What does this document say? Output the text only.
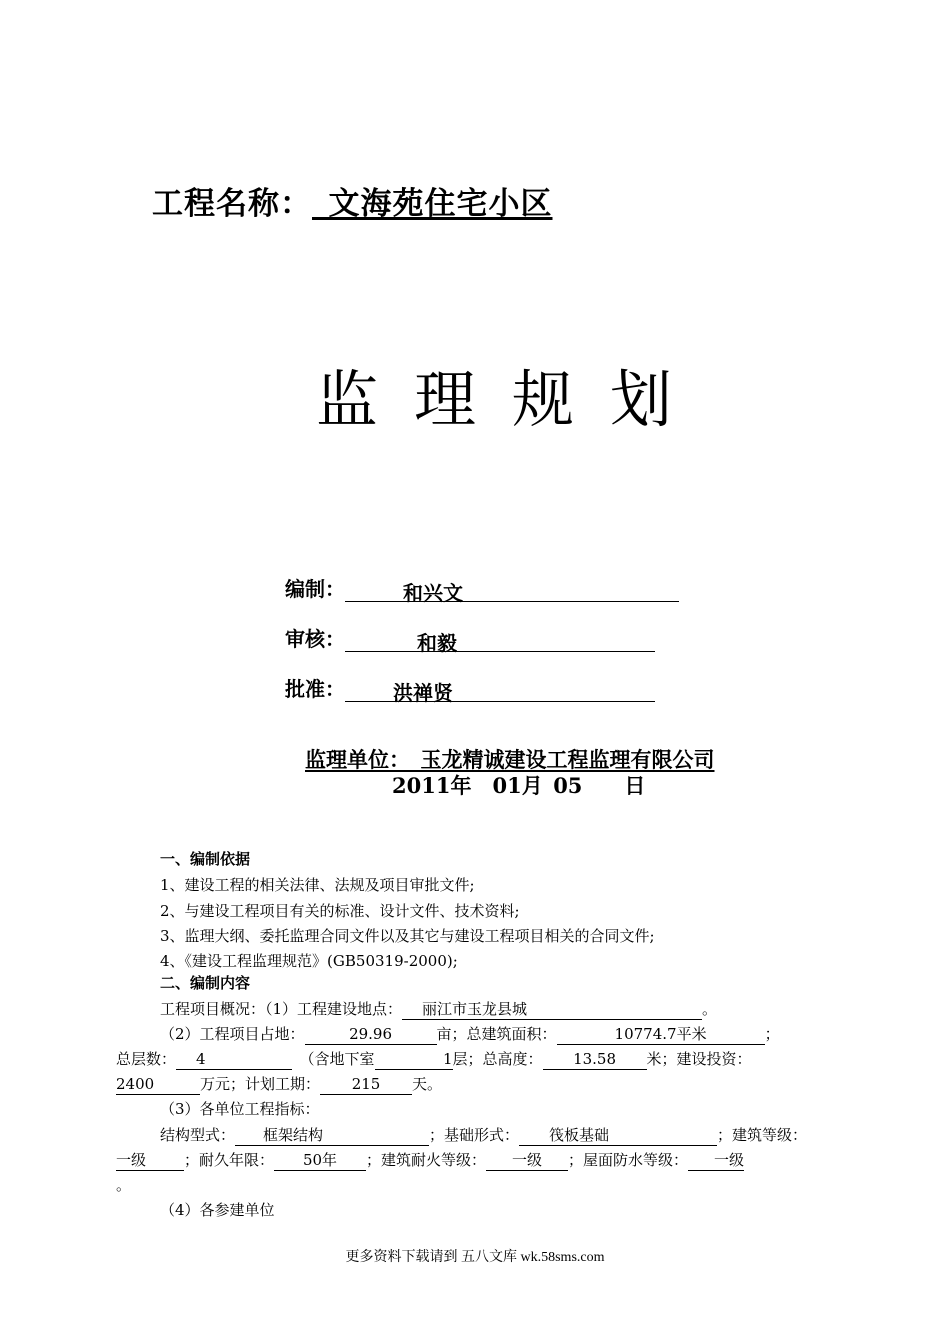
工程名称：  文海苑住宅小区
监理规划
编制：	和兴文
审核：	和毅
批准： 洪禅贤
监理单位：  玉龙精诚建设工程监理有限公司
2011年  01月  05   日
一、编制依据
1、建设工程的相关法律、法规及项目审批文件;
2、与建设工程项目有关的标准、设计文件、技术资料;
3、监理大纲、委托监理合同文件以及其它与建设工程项目相关的合同文件;
4、《建设工程监理规范》(GB50319-2000);
二、编制内容
工程项目概况：（1）工程建设地点： 丽江市玉龙县城	。
（2）工程项目占地：	29.96	亩；总建筑面积：	10774.7平米	；
总层数： 4 	（含地下室	1层；总高度： 13.58 米；建设投资：
2400	万元；计划工期： 215 天。
（3）各单位工程指标：
结构型式： 框架结构	；基础形式： 筏板基础	；建筑等级：
一级	；耐久年限： 50年 ；建筑耐火等级： 一级 ；屋面防水等级： 一级
。
（4）各参建单位
更多资料下载请到 五八文库 wk.58sms.com
